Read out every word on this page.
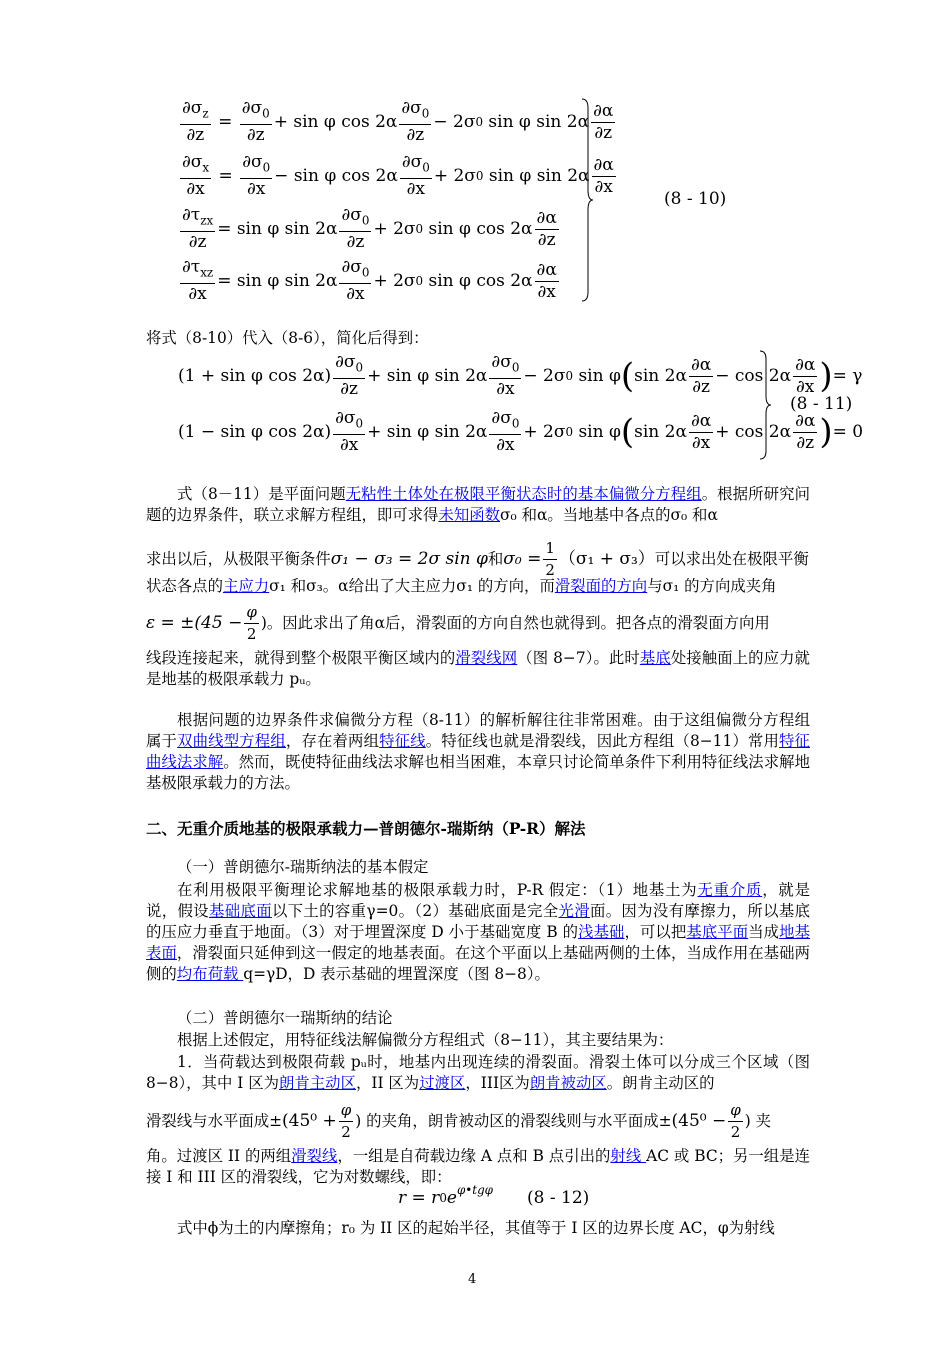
$\frac{\partial\sigma_z}{\partial z} = \frac{\partial\sigma_0}{\partial z} + \sin \varphi$ $\cos 2\alpha \frac{\partial\sigma_0}{\partial z} - 2\sigma$ 0
sin φ $\sin 2\alpha \frac{\partial\alpha}{\partial z}$
$\frac{\partial\sigma_x}{\partial x} = \frac{\partial\sigma_0}{\partial x} - \sin \varphi$ $\cos 2\alpha \frac{\partial\sigma_0}{\partial x} + 2\sigma$ 0
sin φ $\sin 2\alpha \frac{\partial\alpha}{\partial x}$
$\frac{\partial\tau_{zx}}{\partial z} = \sin \varphi$ $\sin 2\alpha \frac{\partial\sigma_0}{\partial z} + 2\sigma$ 0
sin φ $\cos 2\alpha \frac{\partial\alpha}{\partial z}$
$\frac{\partial\tau_{xz}}{\partial x} = \sin \varphi$ $\sin 2\alpha \frac{\partial\sigma_0}{\partial x} + 2\sigma$ 0
sin φ $\cos 2\alpha \frac{\partial\alpha}{\partial x}$
(8 - 10)
将式（8-10）代入（8-6），简化后得到：
(1 + sin φ $\cos 2\alpha) \frac{\partial\sigma_0}{\partial z} + \sin \varphi$ $\sin 2\alpha \frac{\partial\sigma_0}{\partial x} - 2\sigma$ 0
sin φ ( $\sin 2\alpha \frac{\partial\alpha}{\partial z} - \cos 2\alpha \frac{\partial\alpha}{\partial x}$ ) = γ
(1 − sin φ $\cos 2\alpha) \frac{\partial\sigma_0}{\partial x} + \sin \varphi$ $\sin 2\alpha \frac{\partial\sigma_0}{\partial x} + 2\sigma$ 0
sin φ ( $\sin 2\alpha \frac{\partial\alpha}{\partial x} + \cos 2\alpha \frac{\partial\alpha}{\partial z}$ ) = 0
(8 - 11)
式（8－11）是平面问题无粘性土体处在极限平衡状态时的基本偏微分方程组。根据所研究问题的边界条件，联立求解方程组，即可求得未知函数σ₀ 和α。当地基中各点的σ₀ 和α
求出以后，从极限平衡条件 σ₁ − σ₃ = 2σ sin φ 和 $\sigma_0 = \frac{1}{2} (\sigma_1 + \sigma_3)$ 可以求出处在极限平衡
状态各点的主应力σ₁ 和σ₃。α给出了大主应力σ₁ 的方向，而滑裂面的方向与σ₁ 的方向成夹角
$\varepsilon = \pm(45 - \frac{\varphi}{2}$ )。因此求出了角α后，滑裂面的方向自然也就得到。把各点的滑裂面方向用
线段连接起来，就得到整个极限平衡区域内的滑裂线网（图 8−7）。此时基底处接触面上的应力就是地基的极限承载力 pᵤ。
根据问题的边界条件求偏微分方程（8-11）的解析解往往非常困难。由于这组偏微分方程组属于双曲线型方程组，存在着两组特征线。特征线也就是滑裂线，因此方程组（8−11）常用特征曲线法求解。然而，既使特征曲线法求解也相当困难，本章只讨论简单条件下利用特征线法求解地基极限承载力的方法。
二、无重介质地基的极限承载力—普朗德尔-瑞斯纳（P-R）解法
（一）普朗德尔-瑞斯纳法的基本假定
在利用极限平衡理论求解地基的极限承载力时，P-R 假定：（1）地基土为无重介质，就是说，假设基础底面以下土的容重γ=0。（2）基础底面是完全光滑面。因为没有摩擦力，所以基底的压应力垂直于地面。（3）对于埋置深度 D 小于基础宽度 B 的浅基础，可以把基底平面当成地基表面，滑裂面只延伸到这一假定的地基表面。在这个平面以上基础两侧的土体，当成作用在基础两侧的均布荷载 q=γD，D 表示基础的埋置深度（图 8−8）。
（二）普朗德尔一瑞斯纳的结论
根据上述假定，用特征线法解偏微分方程组式（8−11），其主要结果为：
1．当荷载达到极限荷载 pᵤ时，地基内出现连续的滑裂面。滑裂土体可以分成三个区域（图 8−8），其中 I 区为朗肯主动区，II 区为过渡区，III区为朗肯被动区。朗肯主动区的
滑裂线与水平面成± ($45^0 + \frac{\varphi}{2}$ ) 的夹角，朗肯被动区的滑裂线则与水平面成± ($45^0 - \frac{\varphi}{2}$ ) 夹
角。过渡区 II 的两组滑裂线，一组是自荷载边缘 A 点和 B 点引出的射线 AC 或 BC；另一组是连接 I 和 III 区的滑裂线，它为对数螺线，即：
r = r 0 $e^{\varphi•tg\varphi}$ (8 - 12)
式中ϕ为土的内摩擦角；r₀ 为 II 区的起始半径，其值等于 I 区的边界长度 AC，φ为射线
4
